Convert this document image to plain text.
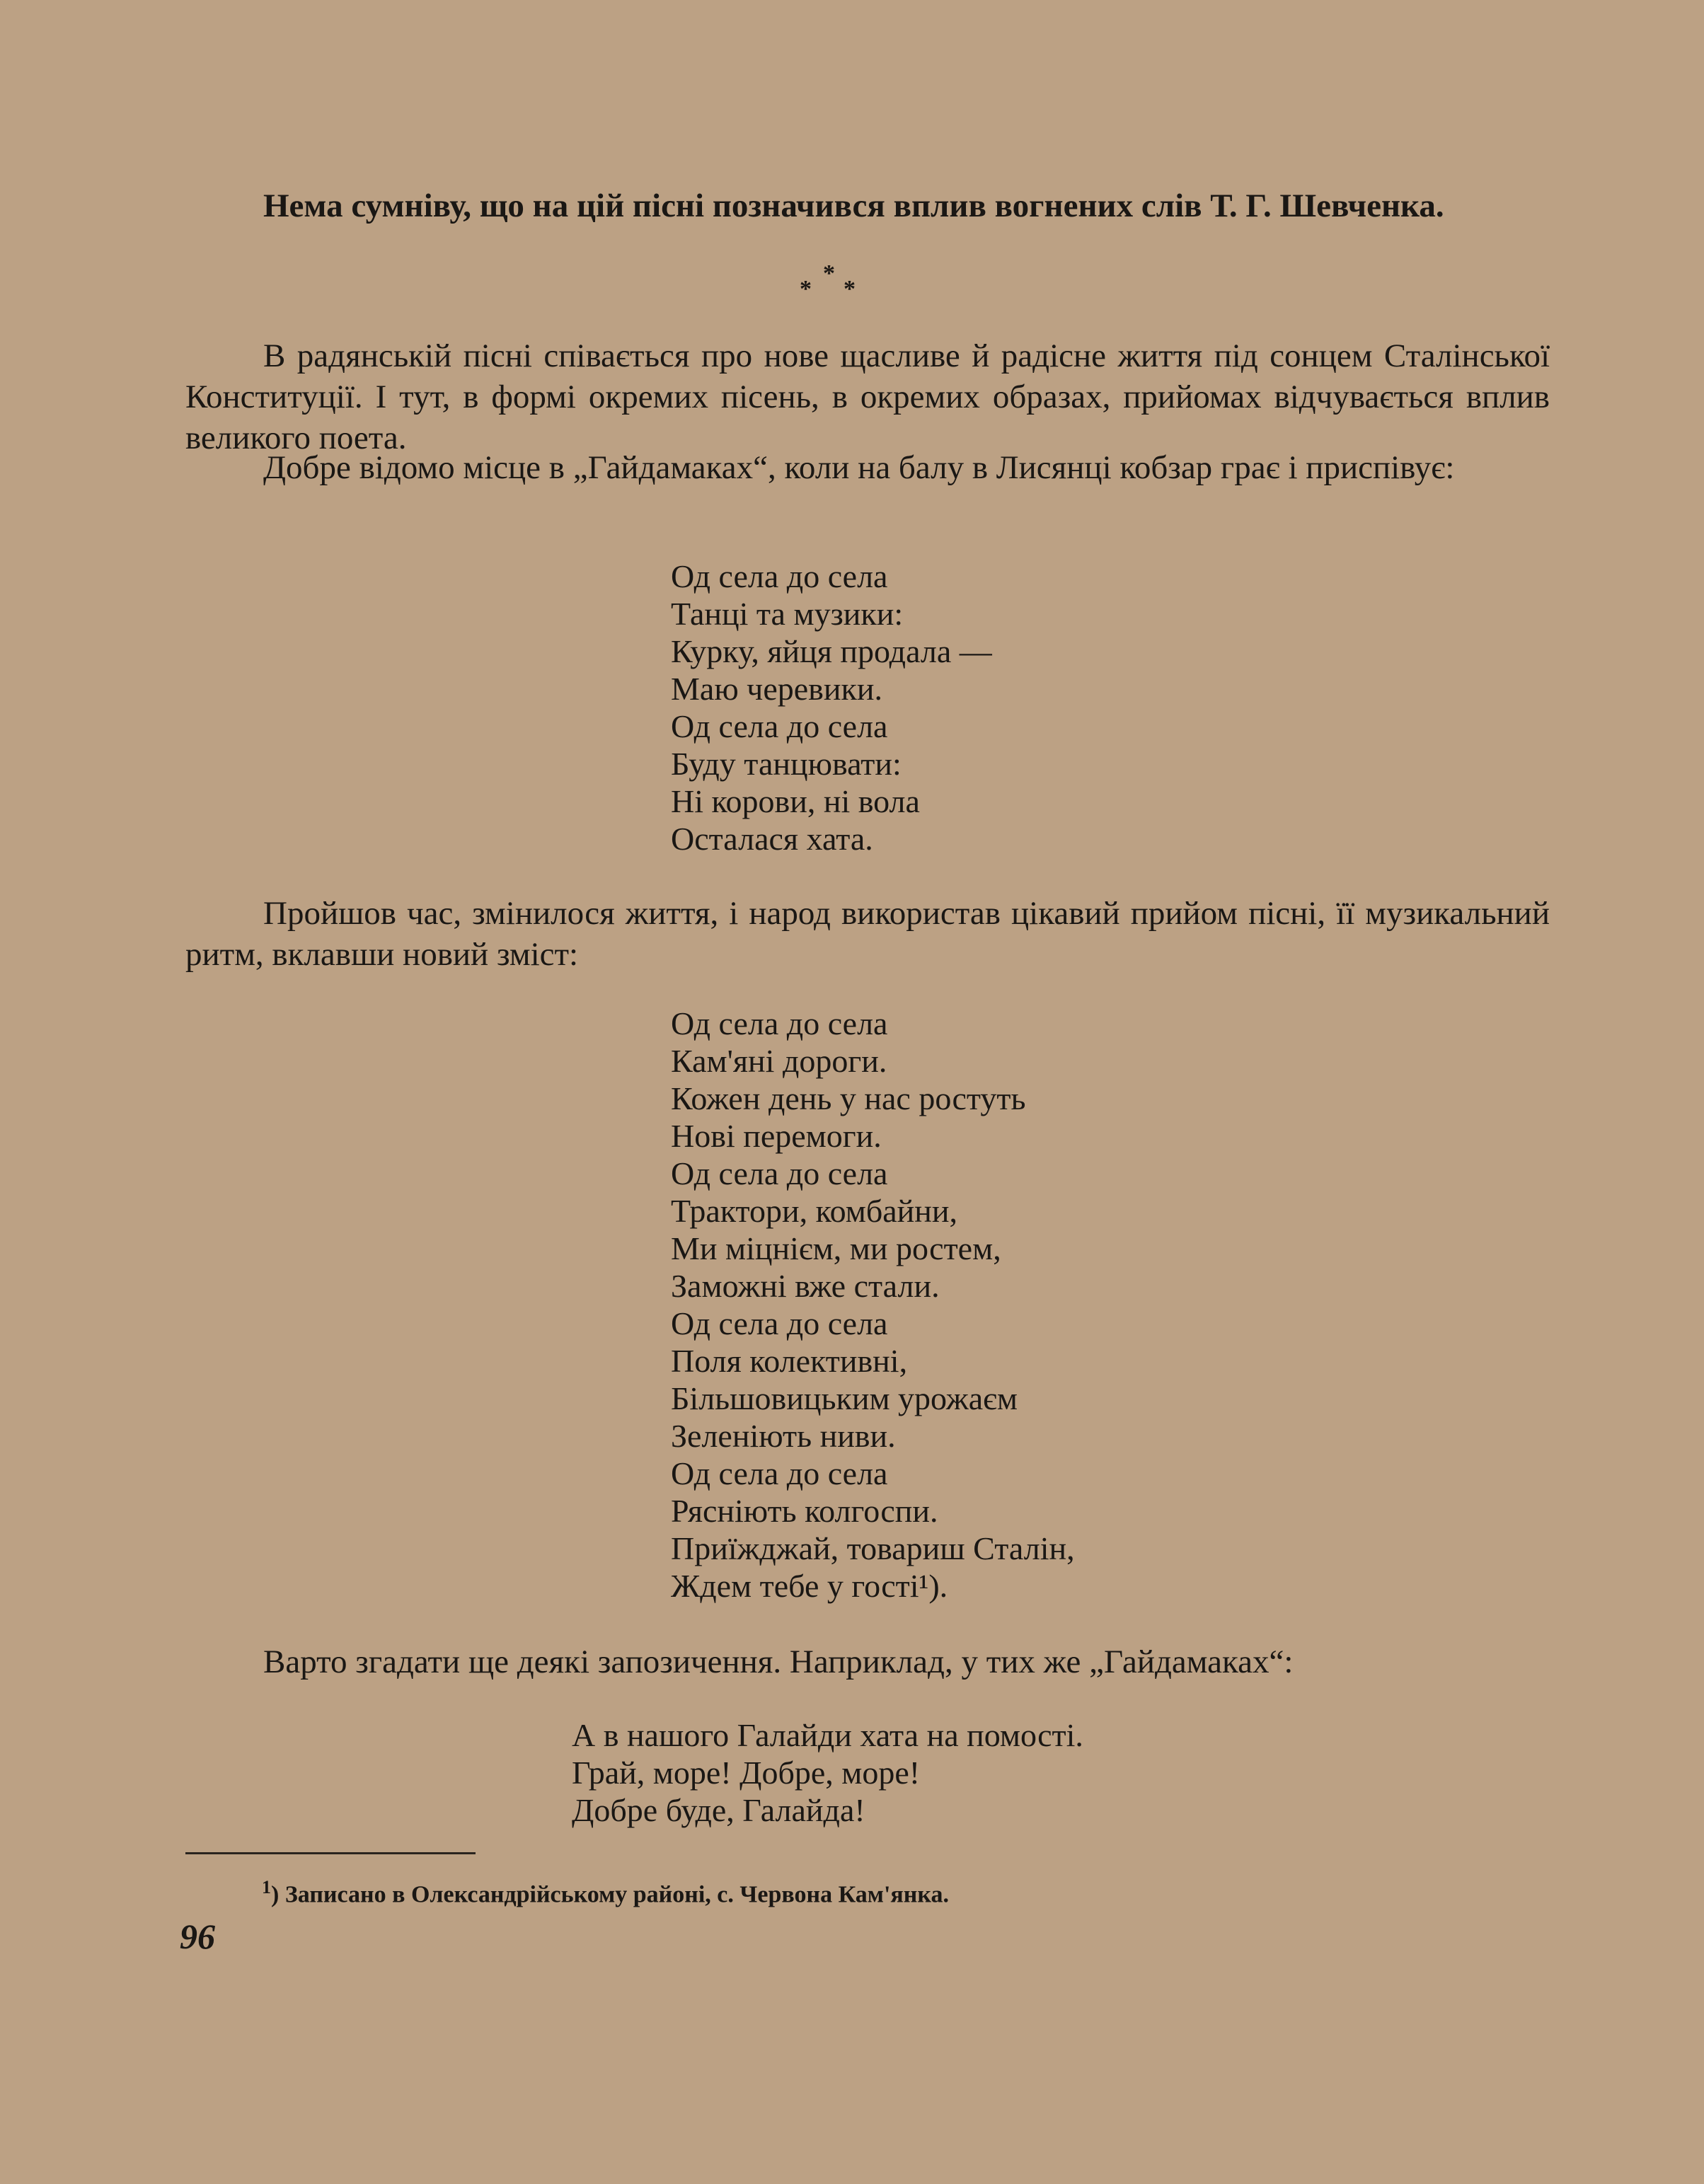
Нема сумніву, що на цій пісні позначився вплив вогнених слів Т. Г. Шевченка.

*
* *

В радянській пісні співається про нове щасливе й радісне життя під сонцем Сталінської Конституції. І тут, в формі окремих пісень, в окремих образах, прийомах відчувається вплив великого поета.

Добре відомо місце в „Гайдамаках“, коли на балу в Лисянці кобзар грає і приспівує:

Од села до села
Танці та музики:
Курку, яйця продала —
Маю черевики.
Од села до села
Буду танцювати:
Ні корови, ні вола
Осталася хата.

Пройшов час, змінилося життя, і народ використав цікавий прийом пісні, її музикальний ритм, вклавши новий зміст:

Од села до села
Кам'яні дороги.
Кожен день у нас ростуть
Нові перемоги.
Од села до села
Трактори, комбайни,
Ми міцнієм, ми ростем,
Заможні вже стали.
Од села до села
Поля колективні,
Більшовицьким урожаєм
Зеленіють ниви.
Од села до села
Рясніють колгоспи.
Приїжджай, товариш Сталін,
Ждем тебе у гості¹).

Варто згадати ще деякі запозичення. Наприклад, у тих же „Гайдамаках“:

А в нашого Галайди хата на помості.
Грай, море! Добре, море!
Добре буде, Галайда!
$^1$) Записано в Олександрійському районі, с. Червона Кам'янка.
96
